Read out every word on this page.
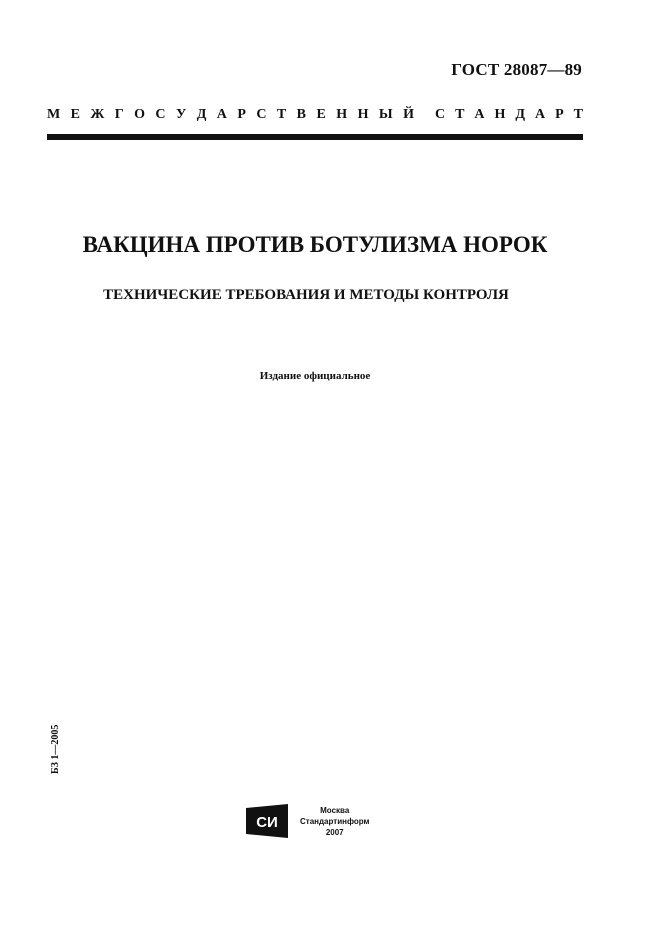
ГОСТ 28087—89
М Е Ж Г О С У Д А Р С Т В Е Н Н Ы Й С Т А Н Д А Р Т
ВАКЦИНА ПРОТИВ БОТУЛИЗМА НОРОК
ТЕХНИЧЕСКИЕ ТРЕБОВАНИЯ И МЕТОДЫ КОНТРОЛЯ
Издание официальное
БЗ 1—2005
СИ
Москва
Стандартинформ
2007
